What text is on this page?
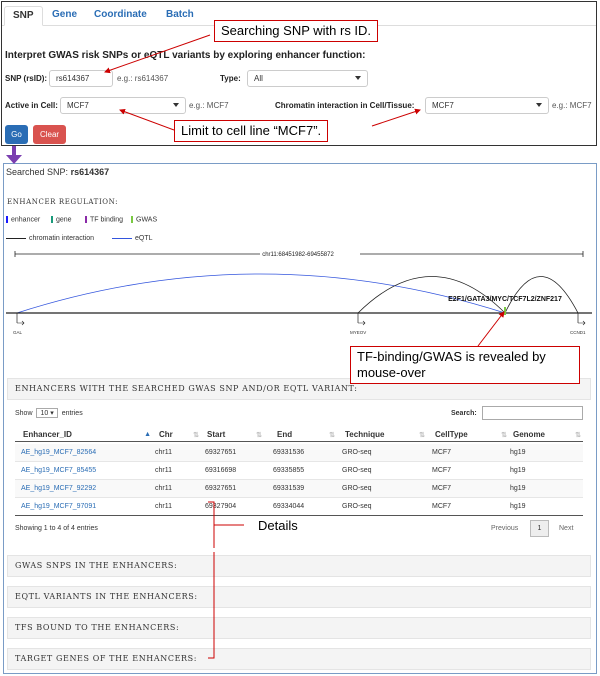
SNP	Gene	Coordinate	Batch
Interpret GWAS risk SNPs or eQTL variants by exploring enhancer function:
SNP (rsID):	rs614367	e.g.: rs614367	Type:	All
Active in Cell:	MCF7	e.g.: MCF7	Chromatin interaction in Cell/Tissue:	MCF7	e.g.: MCF7
Go	Clear
Searched SNP: rs614367
ENHANCER REGULATION:
enhancer	gene	TF binding	GWAS
chromatin interaction	eQTL
chr11:68451982-69455872
E2F1/GATA3/MYC/TCF7L2/ZNF217
GAL	MYEOV	CCND1
ENHANCERS WITH THE SEARCHED GWAS SNP AND/OR EQTL VARIANT:
Show 10 ▾ entries	Search:
Enhancer_ID	▲ Chr	⇅ Start	⇅ End	⇅ Technique	⇅ CellType	⇅ Genome	⇅
AE_hg19_MCF7_82564	chr11	69327651	69331536	GRO-seq	MCF7	hg19
AE_hg19_MCF7_85455	chr11	69316698	69335855	GRO-seq	MCF7	hg19
AE_hg19_MCF7_92292	chr11	69327651	69331539	GRO-seq	MCF7	hg19
AE_hg19_MCF7_97091	chr11	69327904	69334044	GRO-seq	MCF7	hg19
Showing 1 to 4 of 4 entries	Previous	1	Next
GWAS SNPS IN THE ENHANCERS:
EQTL VARIANTS IN THE ENHANCERS:
TFS BOUND TO THE ENHANCERS:
TARGET GENES OF THE ENHANCERS:
Searching SNP with rs ID.
Limit to cell line “MCF7”.
TF-binding/GWAS is revealed by mouse-over
Details
